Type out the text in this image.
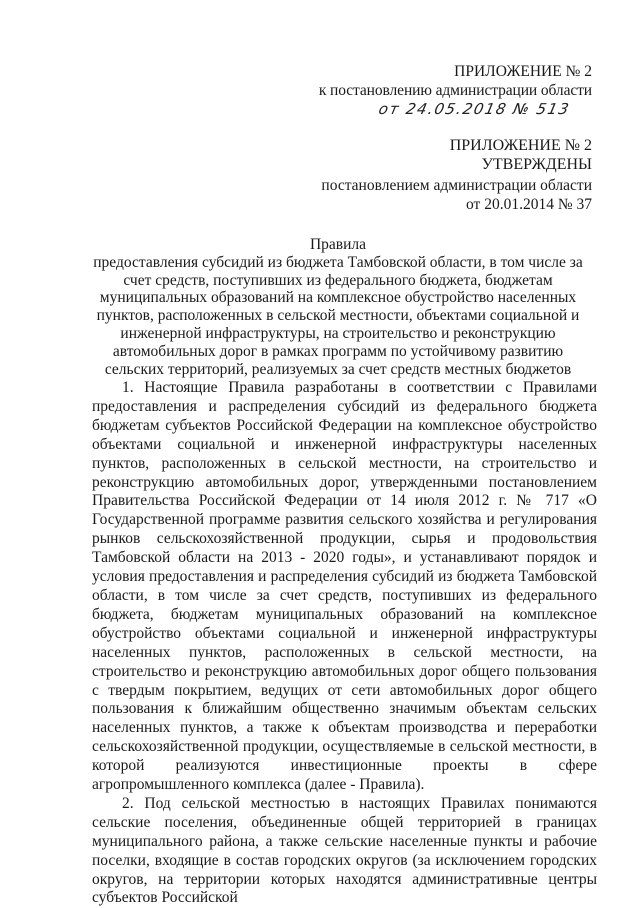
ПРИЛОЖЕНИЕ № 2
к постановлению администрации области
от 24.05.2018 № 513
ПРИЛОЖЕНИЕ № 2
УТВЕРЖДЕНЫ
постановлением администрации области
от 20.01.2014 № 37
Правила
предоставления субсидий из бюджета Тамбовской области, в том числе за счет средств, поступивших из федерального бюджета, бюджетам муниципальных образований на комплексное обустройство населенных пунктов, расположенных в сельской местности, объектами социальной и инженерной инфраструктуры, на строительство и реконструкцию автомобильных дорог в рамках программ по устойчивому развитию сельских территорий, реализуемых за счет средств местных бюджетов

1. Настоящие Правила разработаны в соответствии с Правилами предоставления и распределения субсидий из федерального бюджета бюджетам субъектов Российской Федерации на комплексное обустройство объектами социальной и инженерной инфраструктуры населенных пунктов, расположенных в сельской местности, на строительство и реконструкцию автомобильных дорог, утвержденными постановлением Правительства Российской Федерации от 14 июля 2012 г. № 717 «О Государственной программе развития сельского хозяйства и регулирования рынков сельскохозяйственной продукции, сырья и продовольствия Тамбовской области на 2013 - 2020 годы», и устанавливают порядок и условия предоставления и распределения субсидий из бюджета Тамбовской области, в том числе за счет средств, поступивших из федерального бюджета, бюджетам муниципальных образований на комплексное обустройство объектами социальной и инженерной инфраструктуры населенных пунктов, расположенных в сельской местности, на строительство и реконструкцию автомобильных дорог общего пользования с твердым покрытием, ведущих от сети автомобильных дорог общего пользования к ближайшим общественно значимым объектам сельских населенных пунктов, а также к объектам производства и переработки сельскохозяйственной продукции, осуществляемые в сельской местности, в которой реализуются инвестиционные проекты в сфере агропромышленного комплекса (далее - Правила).

2. Под сельской местностью в настоящих Правилах понимаются сельские поселения, объединенные общей территорией в границах муниципального района, а также сельские населенные пункты и рабочие поселки, входящие в состав городских округов (за исключением городских округов, на территории которых находятся административные центры субъектов Российской
